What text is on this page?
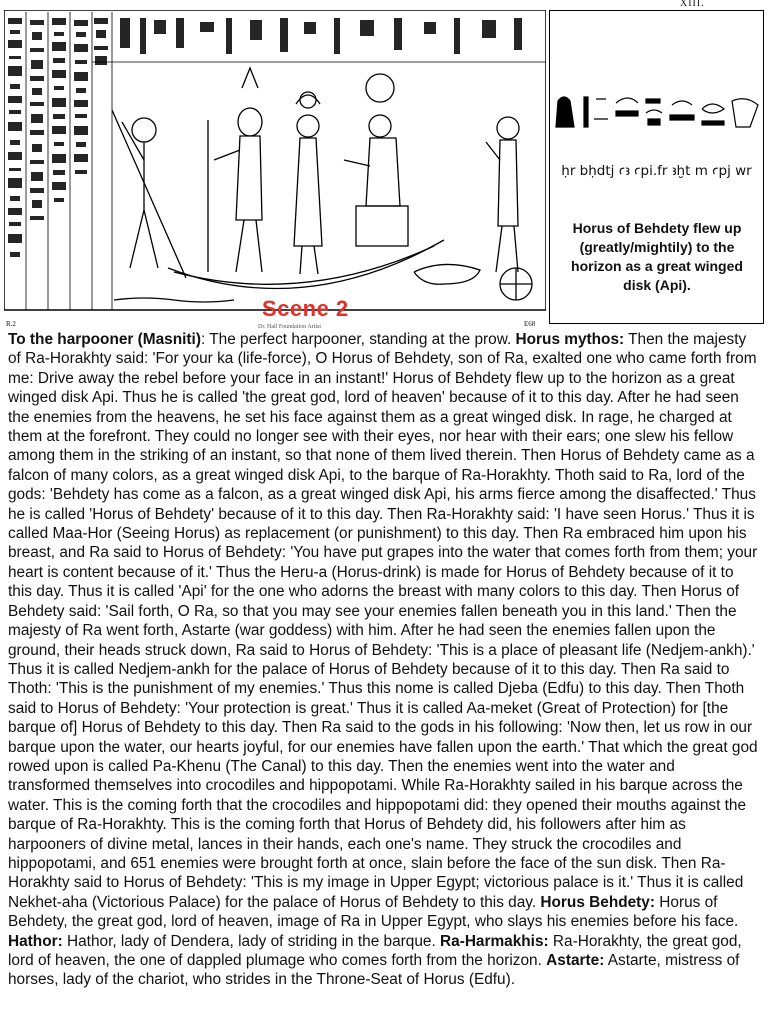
XIII.
Scene 2
R.2	Dr. Hall Foundation Artist	E68
ḥr bḥdtj ꜥꜣ ꜥpi.fr ꜣḫt m ꜥpj wr
Horus of Behdety flew up (greatly/mightily) to the horizon as a great winged disk (Api).

To the harpooner (Masniti): The perfect harpooner, standing at the prow. Horus mythos: Then the majesty of Ra-Horakhty said: 'For your ka (life-force), O Horus of Behdety, son of Ra, exalted one who came forth from me: Drive away the rebel before your face in an instant!' Horus of Behdety flew up to the horizon as a great winged disk Api. Thus he is called 'the great god, lord of heaven' because of it to this day. After he had seen the enemies from the heavens, he set his face against them as a great winged disk. In rage, he charged at them at the forefront. They could no longer see with their eyes, nor hear with their ears; one slew his fellow among them in the striking of an instant, so that none of them lived therein. Then Horus of Behdety came as a falcon of many colors, as a great winged disk Api, to the barque of Ra-Horakhty. Thoth said to Ra, lord of the gods: 'Behdety has come as a falcon, as a great winged disk Api, his arms fierce among the disaffected.' Thus he is called 'Horus of Behdety' because of it to this day. Then Ra-Horakhty said: 'I have seen Horus.' Thus it is called Maa-Hor (Seeing Horus) as replacement (or punishment) to this day. Then Ra embraced him upon his breast, and Ra said to Horus of Behdety: 'You have put grapes into the water that comes forth from them; your heart is content because of it.' Thus the Heru-a (Horus-drink) is made for Horus of Behdety because of it to this day. Thus it is called 'Api' for the one who adorns the breast with many colors to this day. Then Horus of Behdety said: 'Sail forth, O Ra, so that you may see your enemies fallen beneath you in this land.' Then the majesty of Ra went forth, Astarte (war goddess) with him. After he had seen the enemies fallen upon the ground, their heads struck down, Ra said to Horus of Behdety: 'This is a place of pleasant life (Nedjem-ankh).' Thus it is called Nedjem-ankh for the palace of Horus of Behdety because of it to this day. Then Ra said to Thoth: 'This is the punishment of my enemies.' Thus this nome is called Djeba (Edfu) to this day. Then Thoth said to Horus of Behdety: 'Your protection is great.' Thus it is called Aa-meket (Great of Protection) for [the barque of] Horus of Behdety to this day. Then Ra said to the gods in his following: 'Now then, let us row in our barque upon the water, our hearts joyful, for our enemies have fallen upon the earth.' That which the great god rowed upon is called Pa-Khenu (The Canal) to this day. Then the enemies went into the water and transformed themselves into crocodiles and hippopotami. While Ra-Horakhty sailed in his barque across the water. This is the coming forth that the crocodiles and hippopotami did: they opened their mouths against the barque of Ra-Horakhty. This is the coming forth that Horus of Behdety did, his followers after him as harpooners of divine metal, lances in their hands, each one's name. They struck the crocodiles and hippopotami, and 651 enemies were brought forth at once, slain before the face of the sun disk. Then Ra-Horakhty said to Horus of Behdety: 'This is my image in Upper Egypt; victorious palace is it.' Thus it is called Nekhet-aha (Victorious Palace) for the palace of Horus of Behdety to this day. Horus Behdety: Horus of Behdety, the great god, lord of heaven, image of Ra in Upper Egypt, who slays his enemies before his face. Hathor: Hathor, lady of Dendera, lady of striding in the barque. Ra-Harmakhis: Ra-Horakhty, the great god, lord of heaven, the one of dappled plumage who comes forth from the horizon. Astarte: Astarte, mistress of horses, lady of the chariot, who strides in the Throne-Seat of Horus (Edfu).
